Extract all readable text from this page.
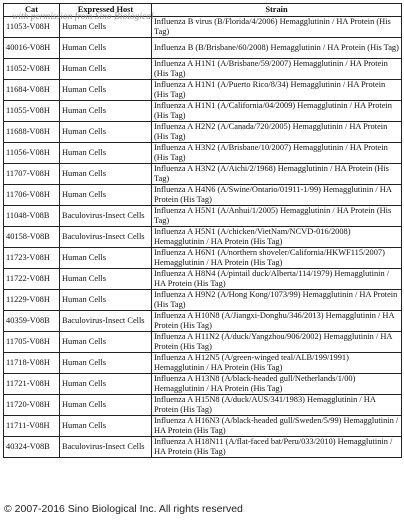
Cat	Expressed Host	Strain
11053-V08H	Human Cells	Influenza B virus (B/Florida/4/2006) Hemagglutinin / HA Protein (His Tag)
40016-V08H	Human Cells	Influenza B (B/Brisbane/60/2008) Hemagglutinin / HA Protein (His Tag)
11052-V08H	Human Cells	Influenza A H1N1 (A/Brisbane/59/2007) Hemagglutinin / HA Protein (His Tag)
11684-V08H	Human Cells	Influenza A H1N1 (A/Puerto Rico/8/34) Hemagglutinin / HA Protein (His Tag)
11055-V08H	Human Cells	Influenza A H1N1 (A/California/04/2009) Hemagglutinin / HA Protein (His Tag)
11688-V08H	Human Cells	Influenza A H2N2 (A/Canada/720/2005) Hemagglutinin / HA Protein (His Tag)
11056-V08H	Human Cells	Influenza A H3N2 (A/Brisbane/10/2007) Hemagglutinin / HA Protein (His Tag)
11707-V08H	Human Cells	Influenza A H3N2 (A/Aichi/2/1968) Hemagglutinin / HA Protein (His Tag)
11706-V08H	Human Cells	Influenza A H4N6 (A/Swine/Ontario/01911-1/99) Hemagglutinin / HA Protein (His Tag)
11048-V08B	Baculovirus-Insect Cells	Influenza A H5N1 (A/Anhui/1/2005) Hemagglutinin / HA Protein (His Tag)
40158-V08B	Baculovirus-Insect Cells	Influenza A H5N1 (A/chicken/VietNam/NCVD-016/2008) Hemagglutinin / HA Protein (His Tag)
11723-V08H	Human Cells	Influenza A H6N1 (A/northern shoveler/California/HKWF115/2007) Hemagglutinin / HA Protein (His Tag)
11722-V08H	Human Cells	Influenza A H8N4 (A/pintail duck/Alberta/114/1979) Hemagglutinin / HA Protein (His Tag)
11229-V08H	Human Cells	Influenza A H9N2 (A/Hong Kong/1073/99) Hemagglutinin / HA Protein (His Tag)
40359-V08B	Baculovirus-Insect Cells	Influenza A H10N8 (A/Jiangxi-Donghu/346/2013) Hemagglutinin / HA Protein (His Tag)
11705-V08H	Human Cells	Influenza A H11N2 (A/duck/Yangzhou/906/2002) Hemagglutinin / HA Protein (His Tag)
11718-V08H	Human Cells	Influenza A H12N5 (A/green-winged teal/ALB/199/1991) Hemagglutinin / HA Protein (His Tag)
11721-V08H	Human Cells	Influenza A H13N8 (A/black-headed gull/Netherlands/1/00) Hemagglutinin / HA Protein (His Tag)
11720-V08H	Human Cells	Influenza A H15N8 (A/duck/AUS/341/1983) Hemagglutinin / HA Protein (His Tag)
11711-V08H	Human Cells	Influenza A H16N3 (A/black-headed gull/Sweden/5/99) Hemagglutinin / HA Protein (His Tag)
40324-V08B	Baculovirus-Insect Cells	Influenza A H18N11 (A/flat-faced bat/Peru/033/2010) Hemagglutinin / HA Protein (His Tag)
with permission from Sino Biological
© 2007-2016 Sino Biological Inc. All rights reserved
